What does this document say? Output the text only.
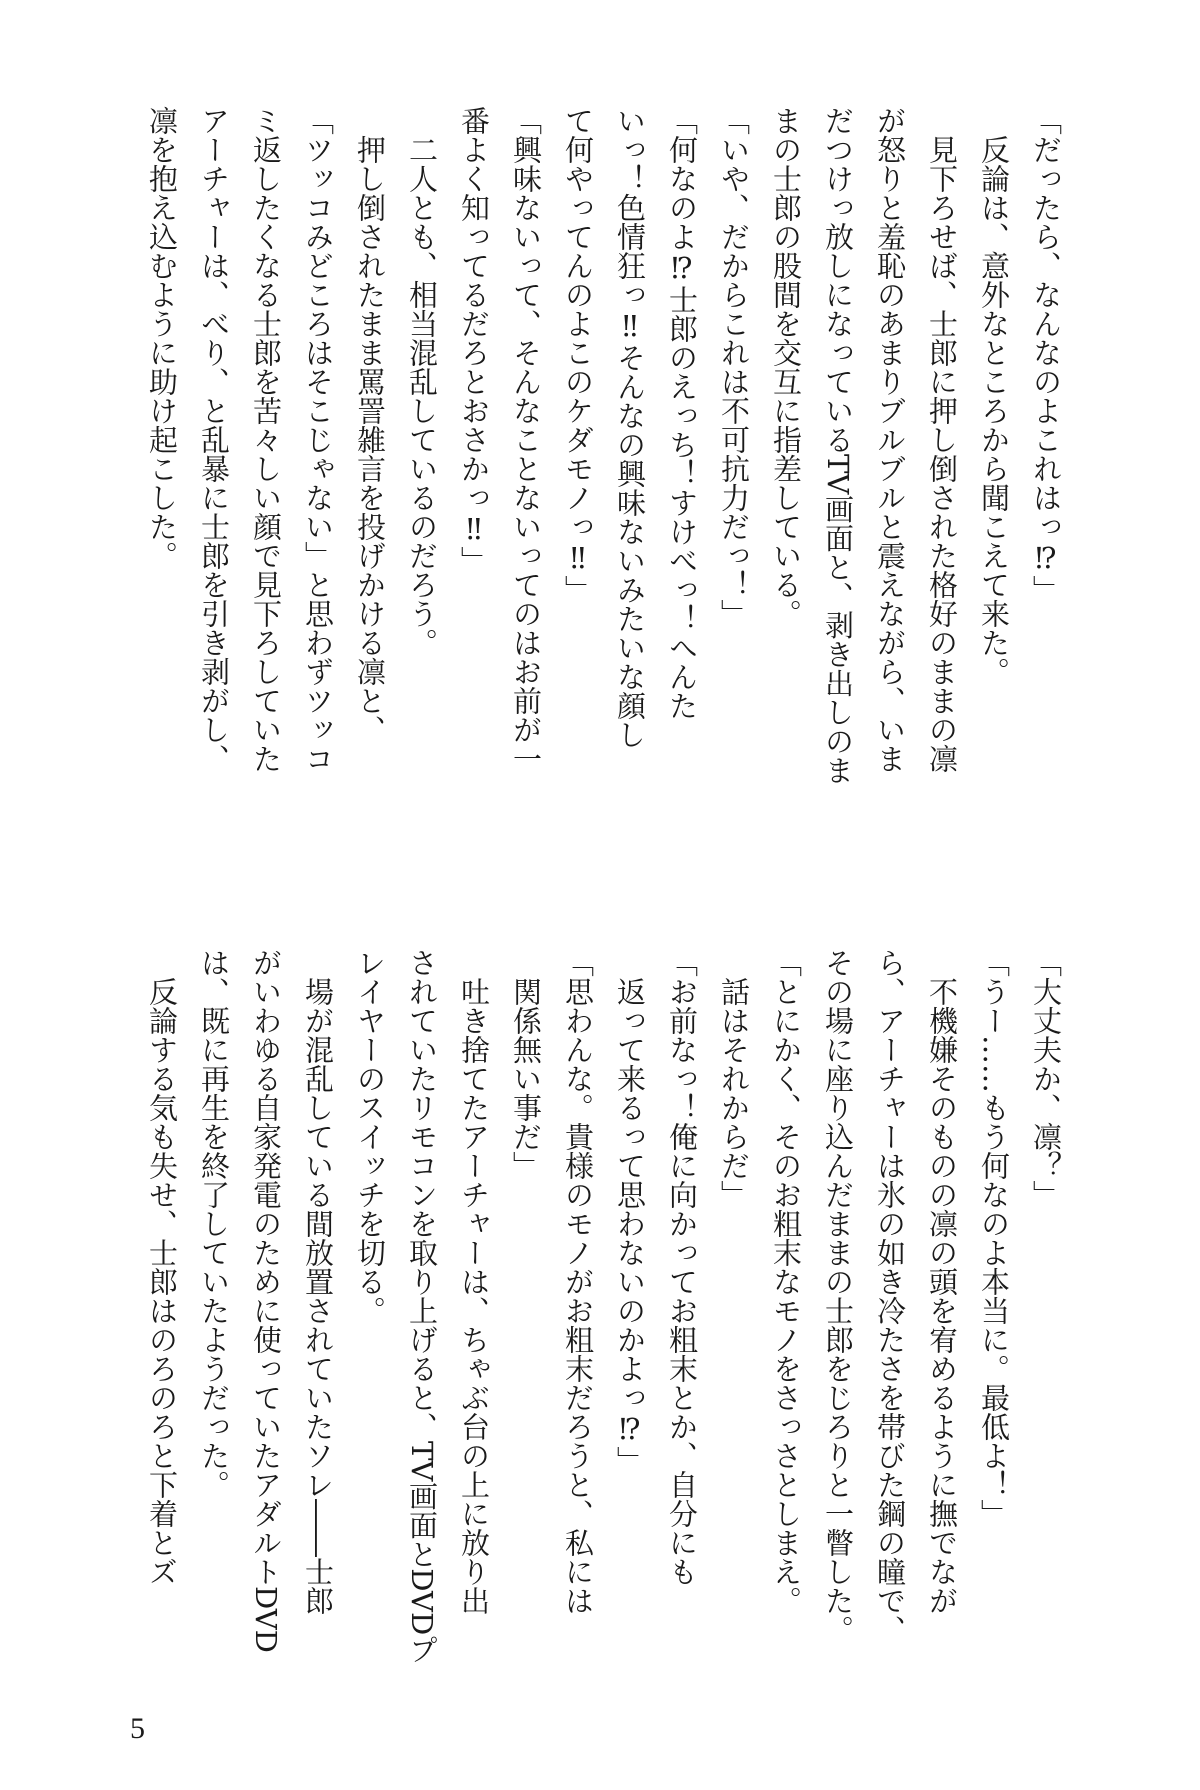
「だったら、なんなのよこれはっ⁉」
反論は、意外なところから聞こえて来た。
見下ろせば、士郎に押し倒された格好のままの凛
が怒りと羞恥のあまりブルブルと震えながら、いま
だつけっ放しになっているTV画面と、剥き出しのま
まの士郎の股間を交互に指差している。
「いや、だからこれは不可抗力だっ！」
「何なのよ⁉士郎のえっち！すけべっ！へんた
いっ！色情狂っ‼そんなの興味ないみたいな顔し
て何やってんのよこのケダモノっ‼」
「興味ないって、そんなことないってのはお前が一
番よく知ってるだろとおさかっ‼」
二人とも、相当混乱しているのだろう。
押し倒されたまま罵詈雑言を投げかける凛と、
「ツッコみどころはそこじゃない」と思わずツッコ
ミ返したくなる士郎を苦々しい顔で見下ろしていた
アーチャーは、べり、と乱暴に士郎を引き剥がし、
凛を抱え込むように助け起こした。
「大丈夫か、凛？」
「うー……もう何なのよ本当に。最低よ！」
不機嫌そのものの凛の頭を宥めるように撫でなが
ら、アーチャーは氷の如き冷たさを帯びた鋼の瞳で、
その場に座り込んだままの士郎をじろりと一瞥した。
「とにかく、そのお粗末なモノをさっさとしまえ。
話はそれからだ」
「お前なっ！俺に向かってお粗末とか、自分にも
返って来るって思わないのかよっ⁉」
「思わんな。貴様のモノがお粗末だろうと、私には
関係無い事だ」
吐き捨てたアーチャーは、ちゃぶ台の上に放り出
されていたリモコンを取り上げると、TV画面とDVDプ
レイヤーのスイッチを切る。
場が混乱している間放置されていたソレ――士郎
がいわゆる自家発電のために使っていたアダルトDVD
は、既に再生を終了していたようだった。
反論する気も失せ、士郎はのろのろと下着とズ
5
